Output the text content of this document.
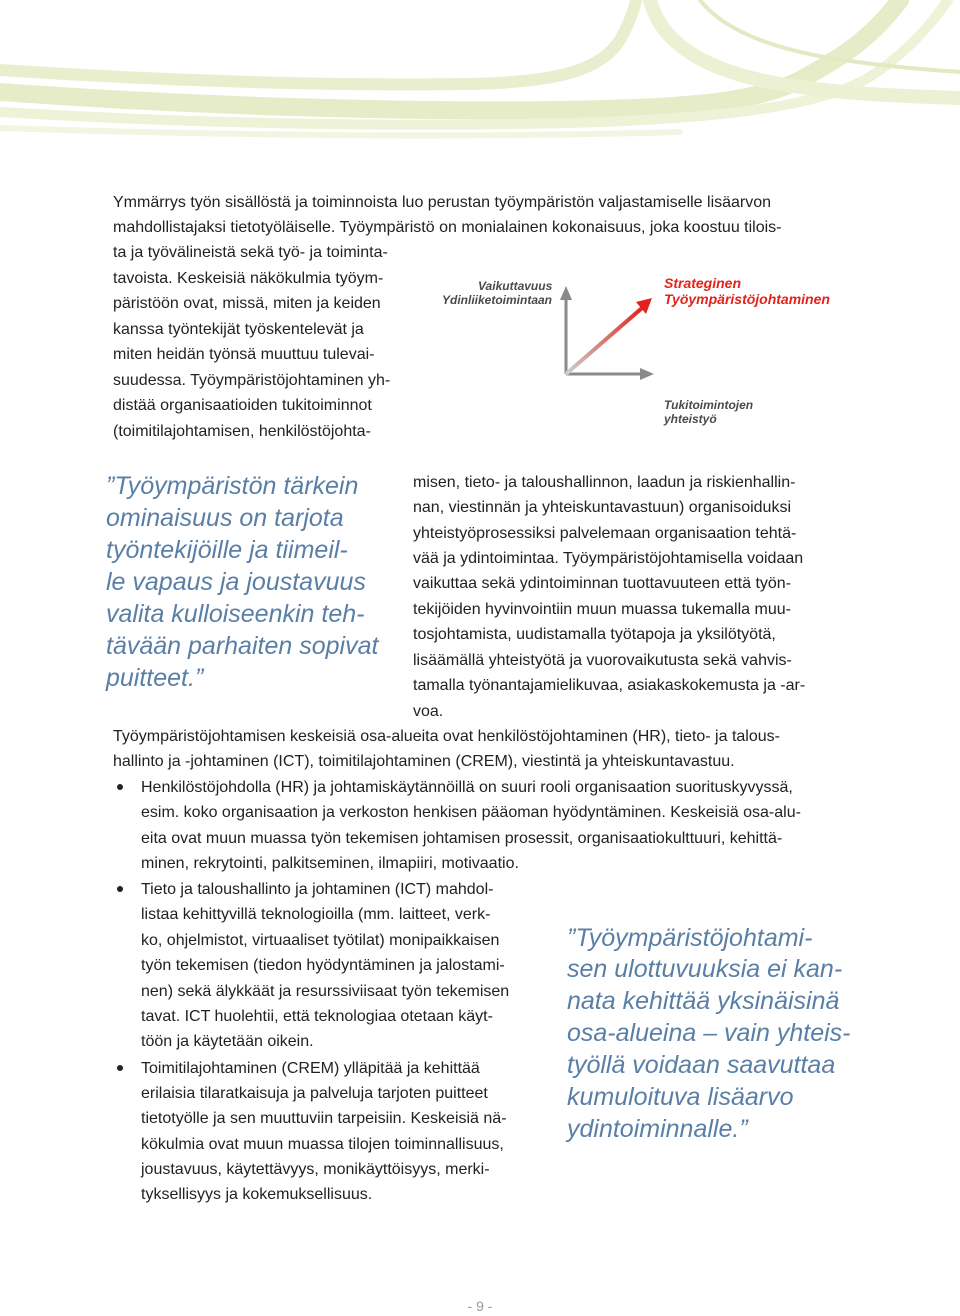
Ymmärrys työn sisällöstä ja toiminnoista luo perustan työympäristön valjastamiselle lisäarvon
mahdollistajaksi tietotyöläiselle. Työympäristö on monialainen kokonaisuus, joka koostuu tilois-
ta ja työvälineistä sekä työ- ja toiminta-
tavoista. Keskeisiä näkökulmia työym-
päristöön ovat, missä, miten ja keiden
kanssa työntekijät työskentelevät ja
miten heidän työnsä muuttuu tulevai-
suudessa. Työympäristöjohtaminen yh-
distää organisaatioiden tukitoiminnot
(toimitilajohtamisen, henkilöstöjohta-
Vaikuttavuus
Ydinliiketoimintaan
Strateginen
Työympäristöjohtaminen
Tukitoimintojen
yhteistyö
”Työympäristön tärkein
ominaisuus on tarjota
työntekijöille ja tiimeil-
le vapaus ja joustavuus
valita kulloiseenkin teh-
tävään parhaiten sopivat
puitteet.”
misen, tieto- ja taloushallinnon, laadun ja riskienhallin-
nan, viestinnän ja yhteiskuntavastuun) organisoiduksi
yhteistyöprosessiksi palvelemaan organisaation tehtä-
vää ja ydintoimintaa. Työympäristöjohtamisella voidaan
vaikuttaa sekä ydintoiminnan tuottavuuteen että työn-
tekijöiden hyvinvointiin muun muassa tukemalla muu-
tosjohtamista, uudistamalla työtapoja ja yksilötyötä,
lisäämällä yhteistyötä ja vuorovaikutusta sekä vahvis-
tamalla työnantajamielikuvaa, asiakaskokemusta ja -ar-
voa.
Työympäristöjohtamisen keskeisiä osa-alueita ovat henkilöstöjohtaminen (HR), tieto- ja talous-
hallinto ja -johtaminen (ICT), toimitilajohtaminen (CREM), viestintä ja yhteiskuntavastuu.
Henkilöstöjohdolla (HR) ja johtamiskäytännöillä on suuri rooli organisaation suorituskyvyssä,
esim. koko organisaation ja verkoston henkisen pääoman hyödyntäminen. Keskeisiä osa-alu-
eita ovat muun muassa työn tekemisen johtamisen prosessit, organisaatiokulttuuri, kehittä-
minen, rekrytointi, palkitseminen, ilmapiiri, motivaatio.
Tieto ja taloushallinto ja johtaminen (ICT) mahdol-
listaa kehittyvillä teknologioilla (mm. laitteet, verk-
ko, ohjelmistot, virtuaaliset työtilat) monipaikkaisen
työn tekemisen (tiedon hyödyntäminen ja jalostami-
nen) sekä älykkäät ja resurssiviisaat työn tekemisen
tavat. ICT huolehtii, että teknologiaa otetaan käyt-
töön ja käytetään oikein.
Toimitilajohtaminen (CREM) ylläpitää ja kehittää
erilaisia tilaratkaisuja ja palveluja tarjoten puitteet
tietotyölle ja sen muuttuviin tarpeisiin. Keskeisiä nä-
kökulmia ovat muun muassa tilojen toiminnallisuus,
joustavuus, käytettävyys, monikäyttöisyys, merki-
tyksellisyys ja kokemuksellisuus.
”Työympäristöjohtami-
sen ulottuvuuksia ei kan-
nata kehittää yksinäisinä
osa-alueina – vain yhteis-
työllä voidaan saavuttaa
kumuloituva lisäarvo
ydintoiminnalle.”
- 9 -
